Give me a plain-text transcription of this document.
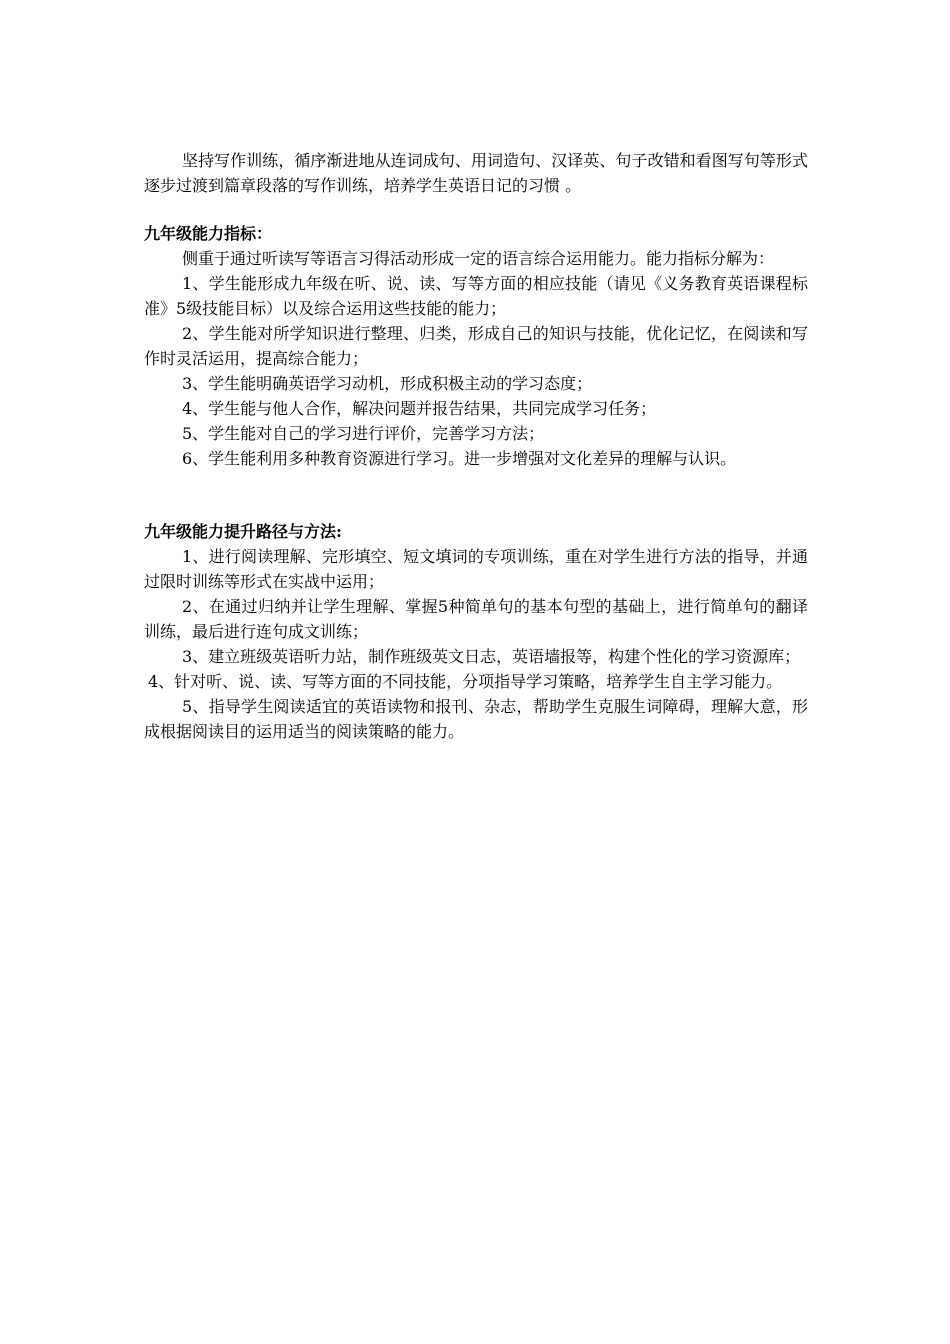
坚持写作训练，循序渐进地从连词成句、用词造句、汉译英、句子改错和看图写句等形式逐步过渡到篇章段落的写作训练，培养学生英语日记的习惯 。

九年级能力指标：

侧重于通过听读写等语言习得活动形成一定的语言综合运用能力。能力指标分解为：

1、学生能形成九年级在听、说、读、写等方面的相应技能（请见《义务教育英语课程标准》5级技能目标）以及综合运用这些技能的能力；

2、学生能对所学知识进行整理、归类，形成自己的知识与技能，优化记忆，在阅读和写作时灵活运用，提高综合能力；

3、学生能明确英语学习动机，形成积极主动的学习态度；

4、学生能与他人合作，解决问题并报告结果，共同完成学习任务；

5、学生能对自己的学习进行评价，完善学习方法；

6、学生能利用多种教育资源进行学习。进一步增强对文化差异的理解与认识。

九年级能力提升路径与方法:

1、进行阅读理解、完形填空、短文填词的专项训练，重在对学生进行方法的指导，并通过限时训练等形式在实战中运用；

2、在通过归纳并让学生理解、掌握5种简单句的基本句型的基础上，进行简单句的翻译训练，最后进行连句成文训练；

3、建立班级英语听力站，制作班级英文日志，英语墙报等，构建个性化的学习资源库；

4、针对听、说、读、写等方面的不同技能，分项指导学习策略，培养学生自主学习能力。

5、指导学生阅读适宜的英语读物和报刊、杂志，帮助学生克服生词障碍，理解大意，形成根据阅读目的运用适当的阅读策略的能力。
